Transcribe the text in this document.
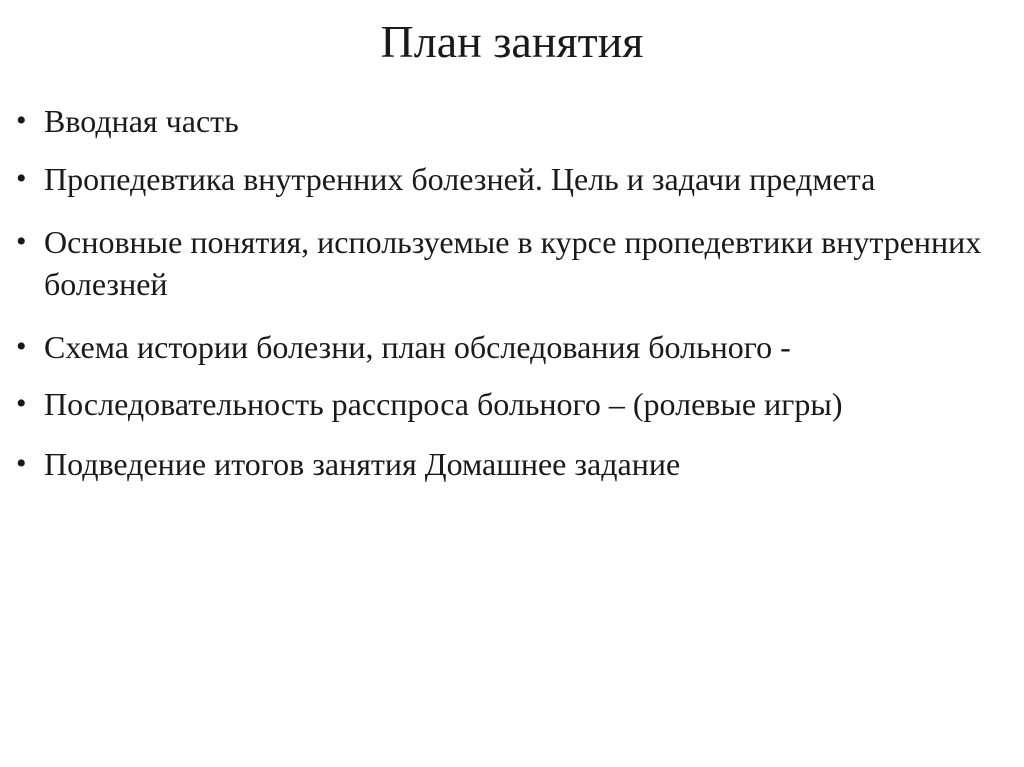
План занятия
• Вводная часть
• Пропедевтика внутренних болезней. Цель и задачи предмета
• Основные понятия, используемые в курсе пропедевтики внутренних болезней
• Схема истории болезни, план обследования больного -
• Последовательность расспроса больного – (ролевые игры)
• Подведение итогов занятия Домашнее задание
